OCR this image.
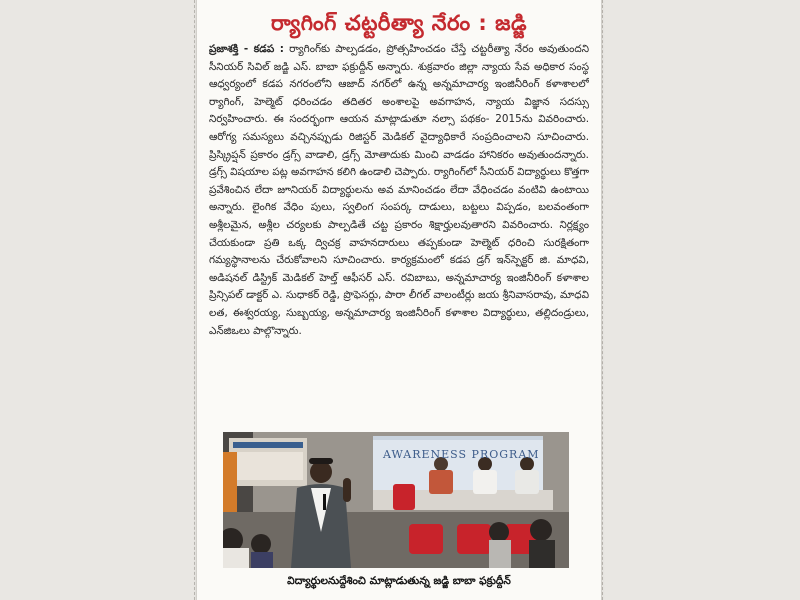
ర్యాగింగ్ చట్టరీత్యా నేరం : జడ్జి
ప్రజాశక్తి - కడప : ర్యాగింగ్‌కు పాల్పడడం, ప్రోత్సహించడం చేస్తే చట్టరీత్యా నేరం అవుతుందని సీనియర్ సివిల్ జడ్జి ఎస్. బాబా ఫక్రుద్దీన్ అన్నారు. శుక్రవారం జిల్లా న్యాయ సేవ అధికార సంస్థ ఆధ్వర్యంలో కడప నగరంలోని ఆజాద్ నగర్‌లో ఉన్న అన్నమాచార్య ఇంజినీరింగ్ కళాశాలలో ర్యాగింగ్, హెల్మెట్ ధరించడం తదితర అంశాలపై అవగాహన, న్యాయ విజ్ఞాన సదస్సు నిర్వహించారు. ఈ సందర్భంగా ఆయన మాట్లాడుతూ నల్సా పథకం- 2015ను వివరించారు. ఆరోగ్య సమస్యలు వచ్చినప్పుడు రిజిస్టర్ మెడికల్ వైద్యాధికారే సంప్రదించాలని సూచించారు. ప్రిస్క్రిప్షన్ ప్రకారం డ్రగ్స్ వాడాలి, డ్రగ్స్ మోతాదుకు మించి వాడడం హానికరం అవుతుందన్నారు. డ్రగ్స్ విషయాల పట్ల అవగాహన కలిగి ఉండాలి చెప్పారు. ర్యాగింగ్‌లో సీనియర్ విద్యార్థులు కొత్తగా ప్రవేశించిన లేదా జూనియర్ విద్యార్థులను అవ మానించడం లేదా వేధించడం వంటివి ఉంటాయి అన్నారు. లైంగిక వేధిం పులు, స్వలింగ సంపర్క దాడులు, బట్టలు విప్పడం, బలవంతంగా అశ్లీలమైన, అశ్లీల చర్యలకు పాల్పడితే చట్ట ప్రకారం శిక్షార్హులవుతారని వివరించారు. నిర్లక్ష్యం చేయకుండా ప్రతి ఒక్క ద్విచక్ర వాహనదారులు తప్పకుండా హెల్మెట్ ధరించి సురక్షితంగా గమ్యస్థానాలను చేరుకోవాలని సూచించారు. కార్యక్రమంలో కడప డ్రగ్ ఇన్‌స్పెక్టర్ జి. మాధవి, అడిషనల్ డిస్ట్రిక్ మెడికల్ హెల్త్ ఆఫీసర్ ఎస్. రవిబాబు, అన్నమాచార్య ఇంజినీరింగ్ కళాశాల ప్రిన్సిపల్ డాక్టర్ ఎ. సుధాకర్ రెడ్డి, ప్రొఫెసర్లు, పారా లీగల్ వాలంటీర్లు జయ శ్రీనివాసరావు, మాధవి లత, ఈశ్వరయ్య, సుబ్బయ్య, అన్నమాచార్య ఇంజినీరింగ్ కళాశాల విద్యార్థులు, తల్లిదండ్రులు, ఎన్‌జిఒలు పాల్గొన్నారు.
AWARENESS PROGRAM
విద్యార్థులనుద్దేశించి మాట్లాడుతున్న జడ్జి బాబా ఫక్రుద్దీన్
